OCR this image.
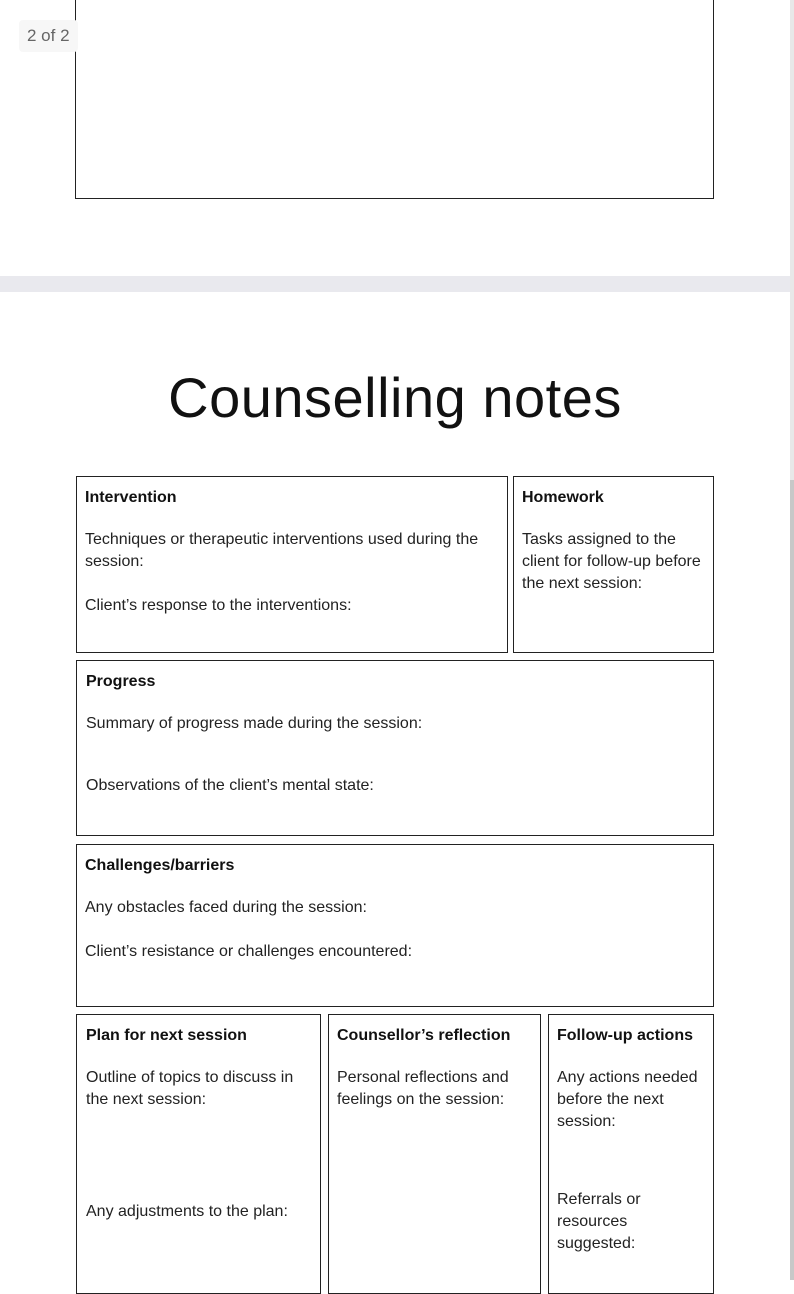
Counselling notes
Intervention
Techniques or therapeutic interventions used during the session:
Client’s response to the interventions:
Homework
Tasks assigned to the client for follow-up before the next session:
Progress
Summary of progress made during the session:
Observations of the client’s mental state:
Challenges/barriers
Any obstacles faced during the session:
Client’s resistance or challenges encountered:
Plan for next session
Outline of topics to discuss in the next session:
Any adjustments to the plan:
Counsellor’s reflection
Personal reflections and feelings on the session:
Follow-up actions
Any actions needed before the next session:
Referrals or resources suggested:
2 of 2
